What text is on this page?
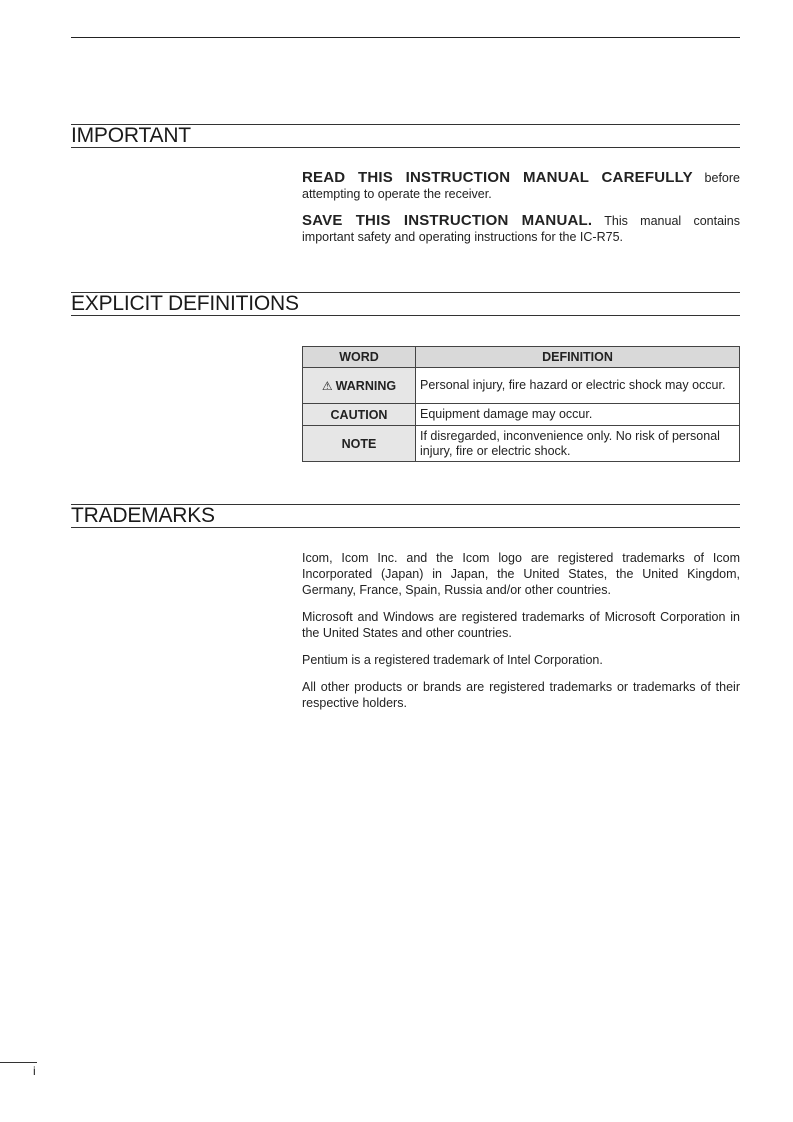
IMPORTANT

READ THIS INSTRUCTION MANUAL CAREFULLY before attempting to operate the receiver.

SAVE THIS INSTRUCTION MANUAL. This manual contains important safety and operating instructions for the IC-R75.

EXPLICIT DEFINITIONS
WORD	DEFINITION
⚠ WARNING	Personal injury, fire hazard or electric shock may occur.
CAUTION	Equipment damage may occur.
NOTE	If disregarded, inconvenience only. No risk of personal injury, fire or electric shock.
TRADEMARKS

Icom, Icom Inc. and the Icom logo are registered trademarks of Icom Incorporated (Japan) in Japan, the United States, the United Kingdom, Germany, France, Spain, Russia and/or other countries.

Microsoft and Windows are registered trademarks of Microsoft Corporation in the United States and other countries.

Pentium is a registered trademark of Intel Corporation.

All other products or brands are registered trademarks or trademarks of their respective holders.

i
